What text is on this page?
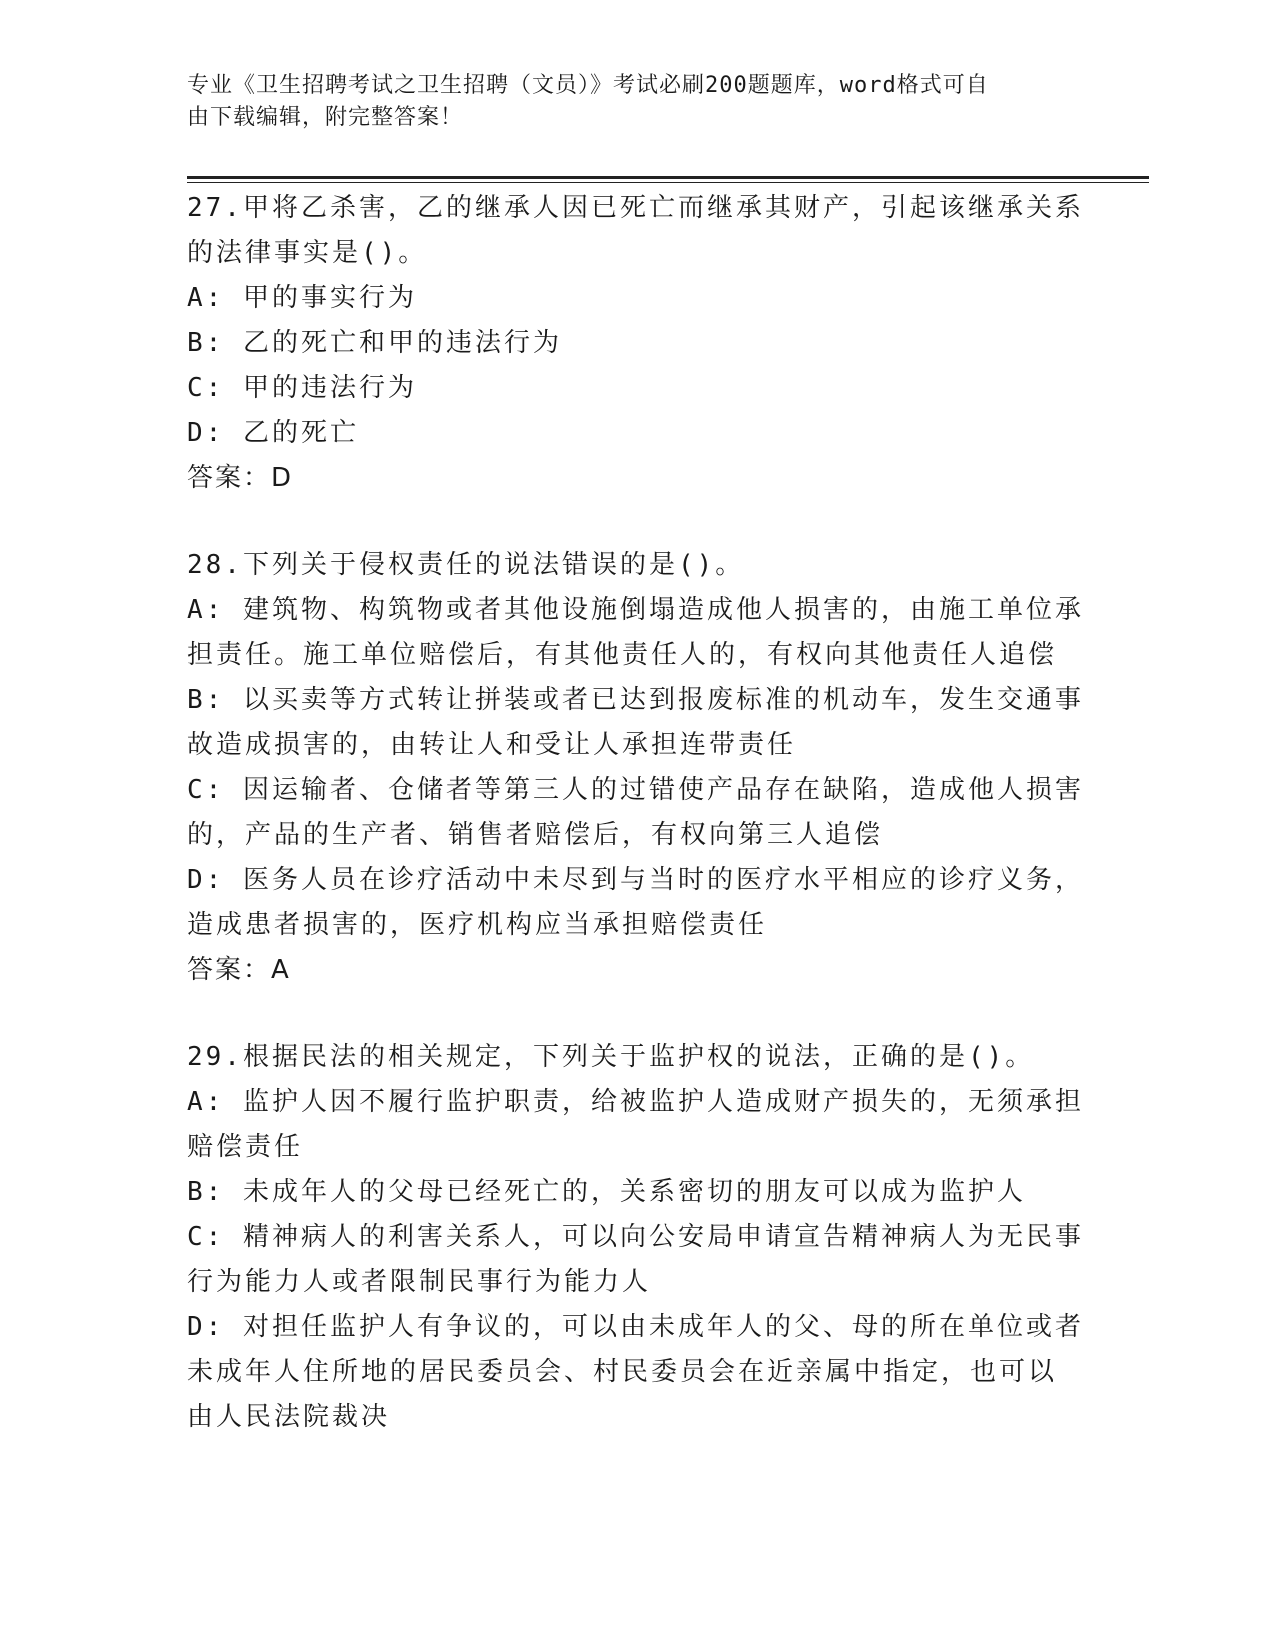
专业《卫生招聘考试之卫生招聘（文员）》考试必刷200题题库，word格式可自
由下载编辑，附完整答案！
27.甲将乙杀害，乙的继承人因已死亡而继承其财产，引起该继承关系
的法律事实是()。
A: 甲的事实行为
B: 乙的死亡和甲的违法行为
C: 甲的违法行为
D: 乙的死亡
答案：D
28.下列关于侵权责任的说法错误的是()。
A: 建筑物、构筑物或者其他设施倒塌造成他人损害的，由施工单位承
担责任。施工单位赔偿后，有其他责任人的，有权向其他责任人追偿
B: 以买卖等方式转让拼装或者已达到报废标准的机动车，发生交通事
故造成损害的，由转让人和受让人承担连带责任
C: 因运输者、仓储者等第三人的过错使产品存在缺陷，造成他人损害
的，产品的生产者、销售者赔偿后，有权向第三人追偿
D: 医务人员在诊疗活动中未尽到与当时的医疗水平相应的诊疗义务，
造成患者损害的，医疗机构应当承担赔偿责任
答案：A
29.根据民法的相关规定，下列关于监护权的说法，正确的是()。
A: 监护人因不履行监护职责，给被监护人造成财产损失的，无须承担
赔偿责任
B: 未成年人的父母已经死亡的，关系密切的朋友可以成为监护人
C: 精神病人的利害关系人，可以向公安局申请宣告精神病人为无民事
行为能力人或者限制民事行为能力人
D: 对担任监护人有争议的，可以由未成年人的父、母的所在单位或者
未成年人住所地的居民委员会、村民委员会在近亲属中指定，也可以
由人民法院裁决
